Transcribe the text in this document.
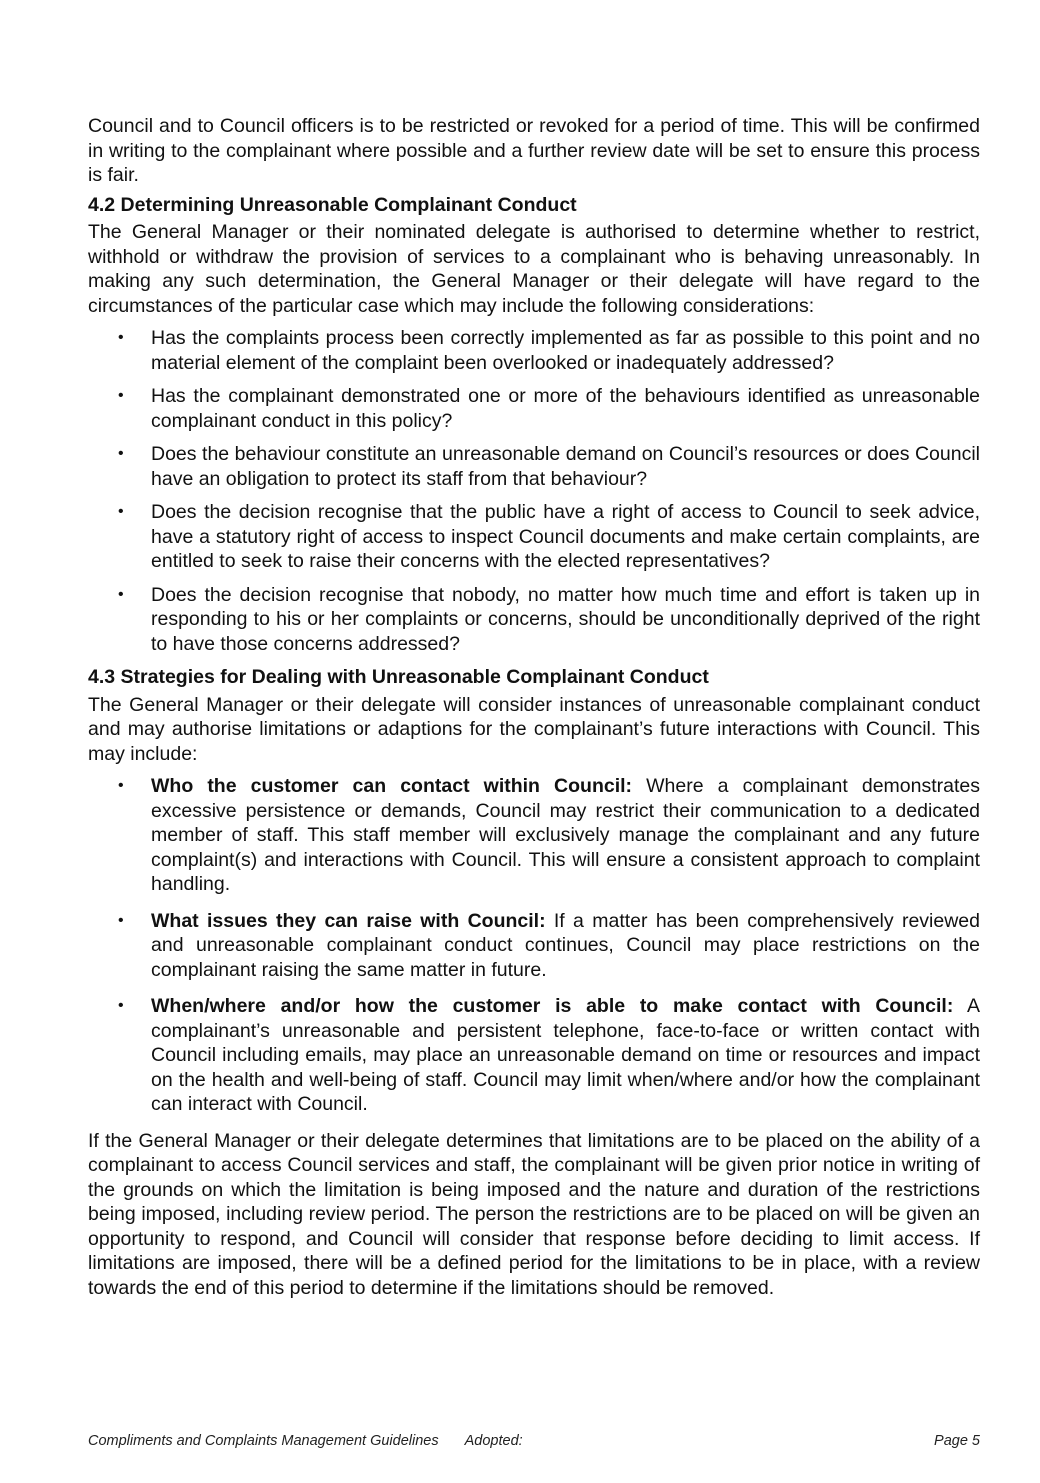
Council and to Council officers is to be restricted or revoked for a period of time. This will be confirmed in writing to the complainant where possible and a further review date will be set to ensure this process is fair.

4.2 Determining Unreasonable Complainant Conduct

The General Manager or their nominated delegate is authorised to determine whether to restrict, withhold or withdraw the provision of services to a complainant who is behaving unreasonably. In making any such determination, the General Manager or their delegate will have regard to the circumstances of the particular case which may include the following considerations:

• Has the complaints process been correctly implemented as far as possible to this point and no material element of the complaint been overlooked or inadequately addressed?
• Has the complainant demonstrated one or more of the behaviours identified as unreasonable complainant conduct in this policy?
• Does the behaviour constitute an unreasonable demand on Council’s resources or does Council have an obligation to protect its staff from that behaviour?
• Does the decision recognise that the public have a right of access to Council to seek advice, have a statutory right of access to inspect Council documents and make certain complaints, are entitled to seek to raise their concerns with the elected representatives?
• Does the decision recognise that nobody, no matter how much time and effort is taken up in responding to his or her complaints or concerns, should be unconditionally deprived of the right to have those concerns addressed?
4.3 Strategies for Dealing with Unreasonable Complainant Conduct

The General Manager or their delegate will consider instances of unreasonable complainant conduct and may authorise limitations or adaptions for the complainant’s future interactions with Council. This may include:

• Who the customer can contact within Council: Where a complainant demonstrates excessive persistence or demands, Council may restrict their communication to a dedicated member of staff. This staff member will exclusively manage the complainant and any future complaint(s) and interactions with Council. This will ensure a consistent approach to complaint handling.
• What issues they can raise with Council: If a matter has been comprehensively reviewed and unreasonable complainant conduct continues, Council may place restrictions on the complainant raising the same matter in future.
• When/where and/or how the customer is able to make contact with Council: A complainant’s unreasonable and persistent telephone, face-to-face or written contact with Council including emails, may place an unreasonable demand on time or resources and impact on the health and well-being of staff. Council may limit when/where and/or how the complainant can interact with Council.

If the General Manager or their delegate determines that limitations are to be placed on the ability of a complainant to access Council services and staff, the complainant will be given prior notice in writing of the grounds on which the limitation is being imposed and the nature and duration of the restrictions being imposed, including review period. The person the restrictions are to be placed on will be given an opportunity to respond, and Council will consider that response before deciding to limit access. If limitations are imposed, there will be a defined period for the limitations to be in place, with a review towards the end of this period to determine if the limitations should be removed.

Compliments and Complaints Management Guidelines Adopted:	Page 5
